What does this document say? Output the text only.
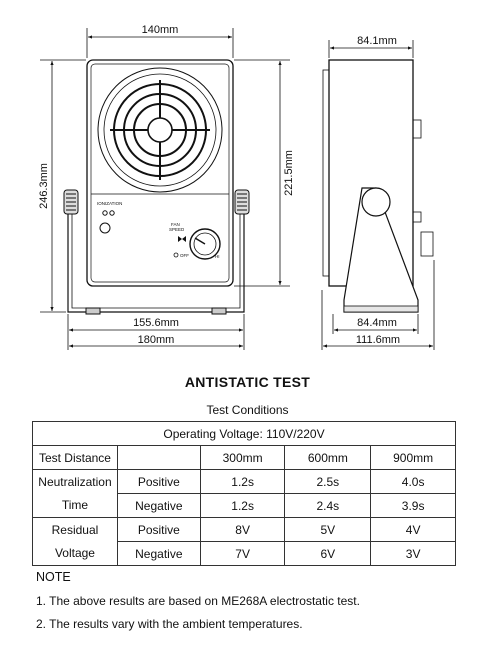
IONIZATION
FAN
SPEED
OFF	HI
140mm
246.3mm	221.5mm
155.6mm
180mm
84.1mm
84.4mm
111.6mm
ANTISTATIC TEST
Test Conditions
Operating Voltage: 110V/220V				
Test Distance		300mm	600mm	900mm
Neutralization	Positive	1.2s	2.5s	4.0s
Time	Negative	1.2s	2.4s	3.9s
Residual	Positive	8V	5V	4V
Voltage	Negative	7V	6V	3V
NOTE
1. The above results are based on ME268A electrostatic test.
2. The results vary with the ambient temperatures.
